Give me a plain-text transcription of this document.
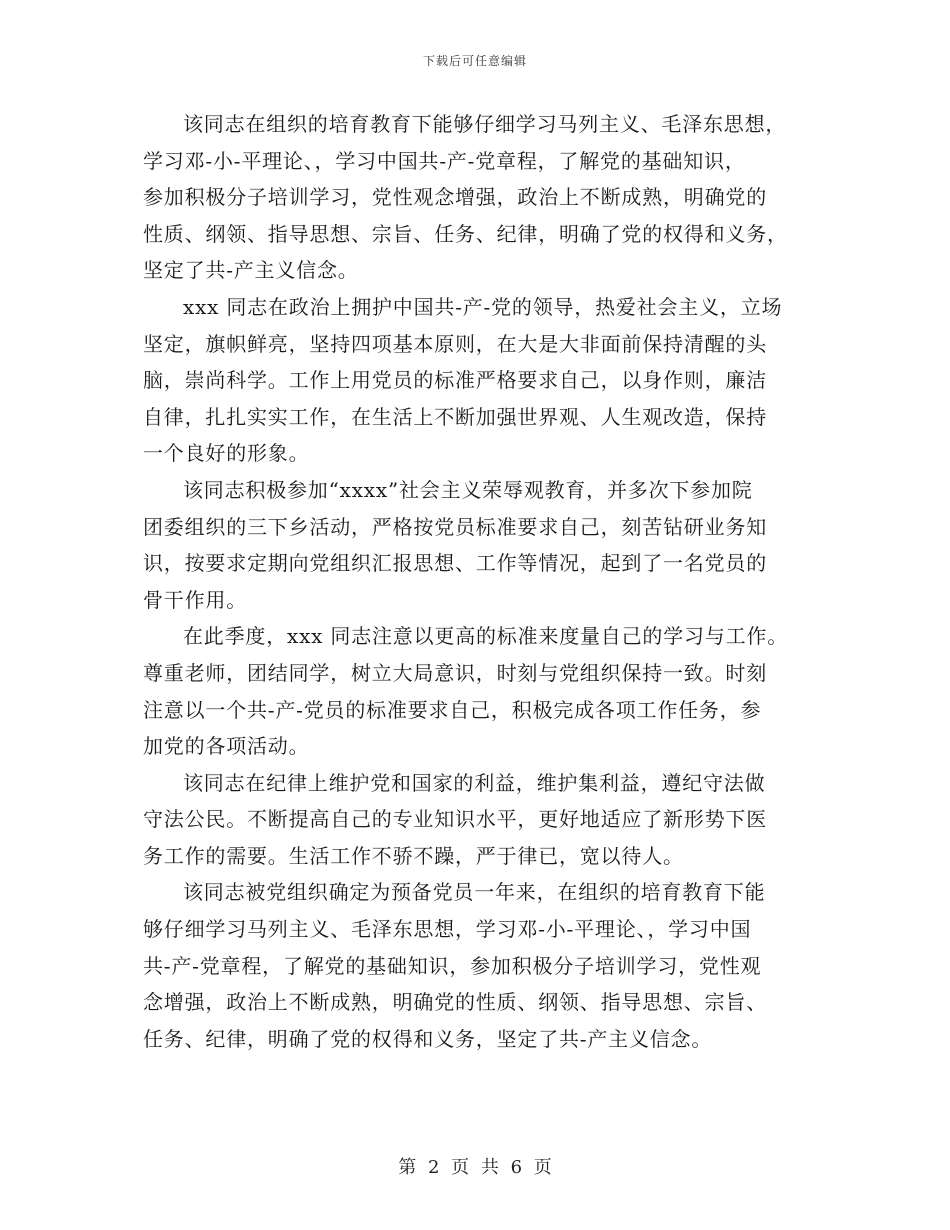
下载后可任意编辑

该同志在组织的培育教育下能够仔细学习马列主义、毛泽东思想，
学习邓-小-平理论、，学习中国共-产-党章程，了解党的基础知识，
参加积极分子培训学习，党性观念增强，政治上不断成熟，明确党的
性质、纲领、指导思想、宗旨、任务、纪律，明确了党的权得和义务，
坚定了共-产主义信念。

xxx 同志在政治上拥护中国共-产-党的领导，热爱社会主义，立场
坚定，旗帜鲜亮，坚持四项基本原则，在大是大非面前保持清醒的头
脑，崇尚科学。工作上用党员的标准严格要求自己，以身作则，廉洁
自律，扎扎实实工作，在生活上不断加强世界观、人生观改造，保持
一个良好的形象。

该同志积极参加“xxxx”社会主义荣辱观教育，并多次下参加院
团委组织的三下乡活动，严格按党员标准要求自己，刻苦钻研业务知
识，按要求定期向党组织汇报思想、工作等情况，起到了一名党员的
骨干作用。

在此季度，xxx 同志注意以更高的标准来度量自己的学习与工作。
尊重老师，团结同学，树立大局意识，时刻与党组织保持一致。时刻
注意以一个共-产-党员的标准要求自己，积极完成各项工作任务，参
加党的各项活动。

该同志在纪律上维护党和国家的利益，维护集利益，遵纪守法做
守法公民。不断提高自己的专业知识水平，更好地适应了新形势下医
务工作的需要。生活工作不骄不躁，严于律已，宽以待人。

该同志被党组织确定为预备党员一年来，在组织的培育教育下能
够仔细学习马列主义、毛泽东思想，学习邓-小-平理论、，学习中国
共-产-党章程，了解党的基础知识，参加积极分子培训学习，党性观
念增强，政治上不断成熟，明确党的性质、纲领、指导思想、宗旨、
任务、纪律，明确了党的权得和义务，坚定了共-产主义信念。

第 2 页 共 6 页
